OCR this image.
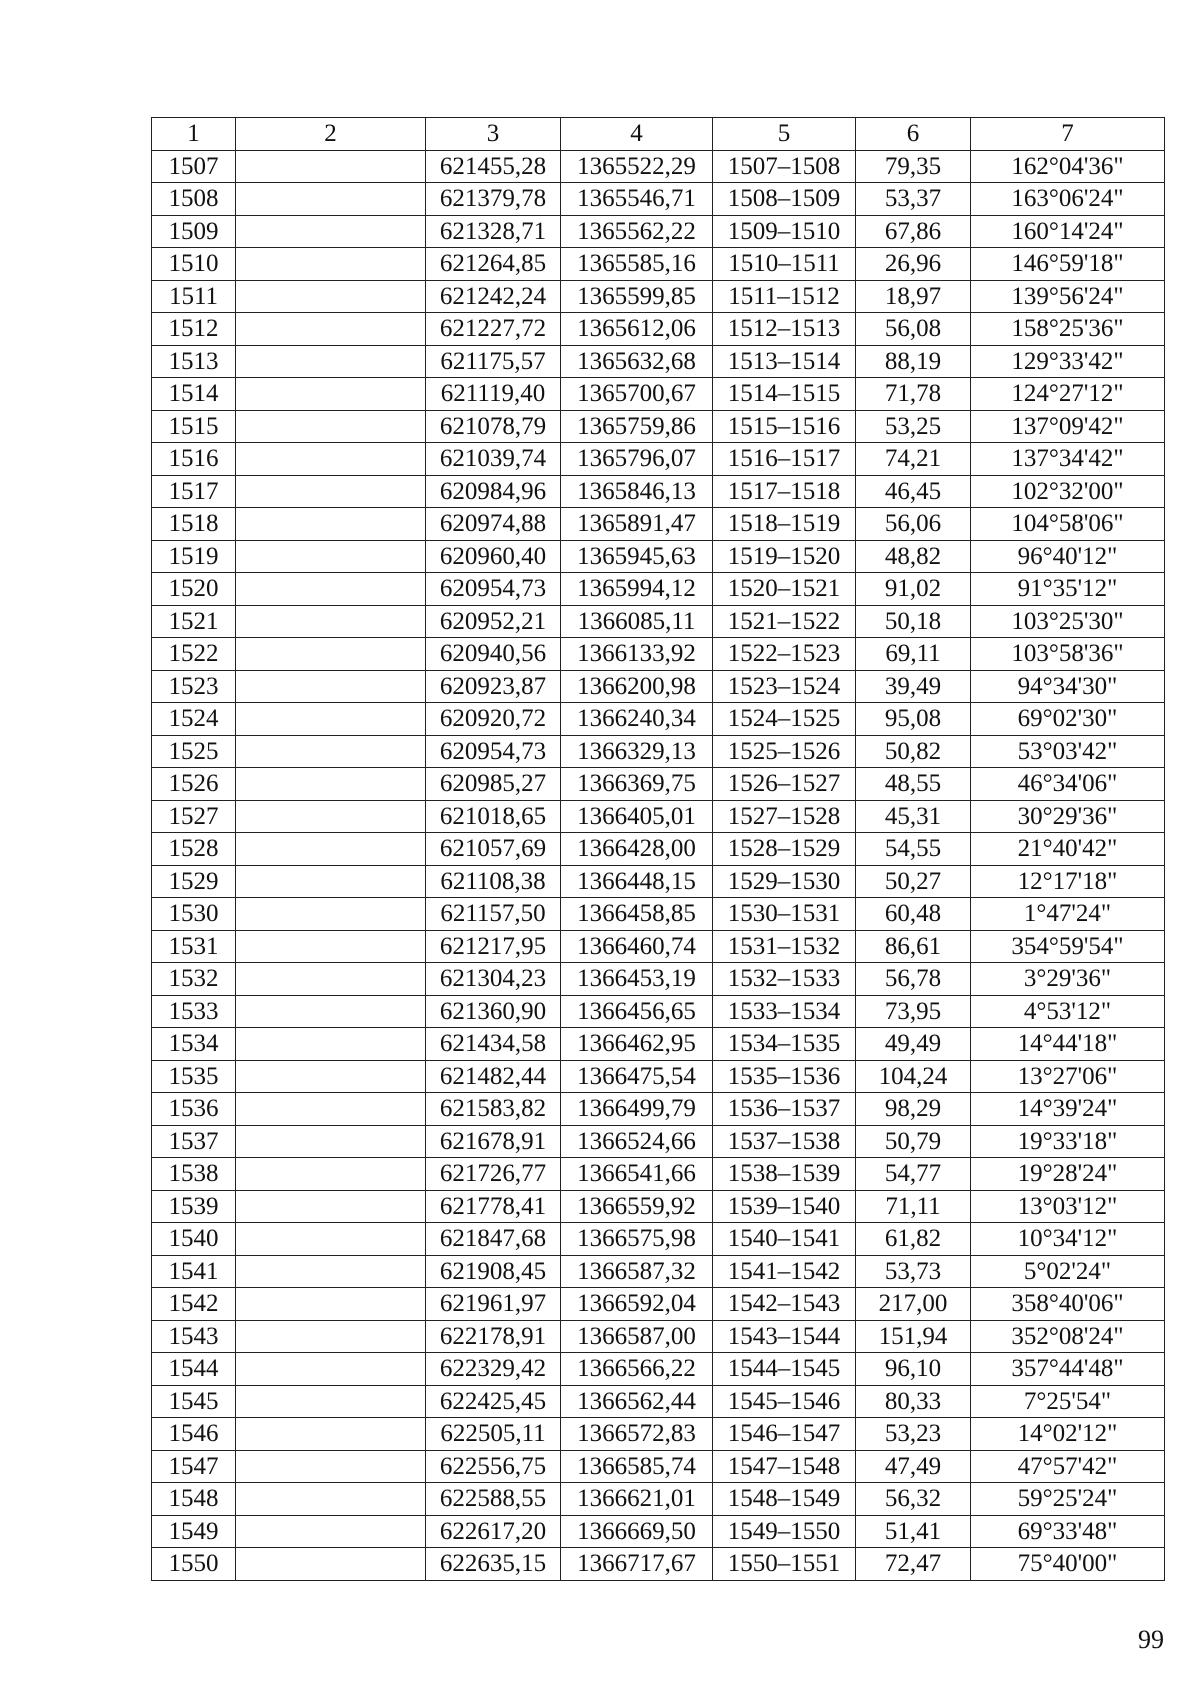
1	2	3	4	5	6	7
1507		621455,28	1365522,29	1507–1508	79,35	162°04'36"
1508		621379,78	1365546,71	1508–1509	53,37	163°06'24"
1509		621328,71	1365562,22	1509–1510	67,86	160°14'24"
1510		621264,85	1365585,16	1510–1511	26,96	146°59'18"
1511		621242,24	1365599,85	1511–1512	18,97	139°56'24"
1512		621227,72	1365612,06	1512–1513	56,08	158°25'36"
1513		621175,57	1365632,68	1513–1514	88,19	129°33'42"
1514		621119,40	1365700,67	1514–1515	71,78	124°27'12"
1515		621078,79	1365759,86	1515–1516	53,25	137°09'42"
1516		621039,74	1365796,07	1516–1517	74,21	137°34'42"
1517		620984,96	1365846,13	1517–1518	46,45	102°32'00"
1518		620974,88	1365891,47	1518–1519	56,06	104°58'06"
1519		620960,40	1365945,63	1519–1520	48,82	96°40'12"
1520		620954,73	1365994,12	1520–1521	91,02	91°35'12"
1521		620952,21	1366085,11	1521–1522	50,18	103°25'30"
1522		620940,56	1366133,92	1522–1523	69,11	103°58'36"
1523		620923,87	1366200,98	1523–1524	39,49	94°34'30"
1524		620920,72	1366240,34	1524–1525	95,08	69°02'30"
1525		620954,73	1366329,13	1525–1526	50,82	53°03'42"
1526		620985,27	1366369,75	1526–1527	48,55	46°34'06"
1527		621018,65	1366405,01	1527–1528	45,31	30°29'36"
1528		621057,69	1366428,00	1528–1529	54,55	21°40'42"
1529		621108,38	1366448,15	1529–1530	50,27	12°17'18"
1530		621157,50	1366458,85	1530–1531	60,48	1°47'24"
1531		621217,95	1366460,74	1531–1532	86,61	354°59'54"
1532		621304,23	1366453,19	1532–1533	56,78	3°29'36"
1533		621360,90	1366456,65	1533–1534	73,95	4°53'12"
1534		621434,58	1366462,95	1534–1535	49,49	14°44'18"
1535		621482,44	1366475,54	1535–1536	104,24	13°27'06"
1536		621583,82	1366499,79	1536–1537	98,29	14°39'24"
1537		621678,91	1366524,66	1537–1538	50,79	19°33'18"
1538		621726,77	1366541,66	1538–1539	54,77	19°28'24"
1539		621778,41	1366559,92	1539–1540	71,11	13°03'12"
1540		621847,68	1366575,98	1540–1541	61,82	10°34'12"
1541		621908,45	1366587,32	1541–1542	53,73	5°02'24"
1542		621961,97	1366592,04	1542–1543	217,00	358°40'06"
1543		622178,91	1366587,00	1543–1544	151,94	352°08'24"
1544		622329,42	1366566,22	1544–1545	96,10	357°44'48"
1545		622425,45	1366562,44	1545–1546	80,33	7°25'54"
1546		622505,11	1366572,83	1546–1547	53,23	14°02'12"
1547		622556,75	1366585,74	1547–1548	47,49	47°57'42"
1548		622588,55	1366621,01	1548–1549	56,32	59°25'24"
1549		622617,20	1366669,50	1549–1550	51,41	69°33'48"
1550		622635,15	1366717,67	1550–1551	72,47	75°40'00"
99
